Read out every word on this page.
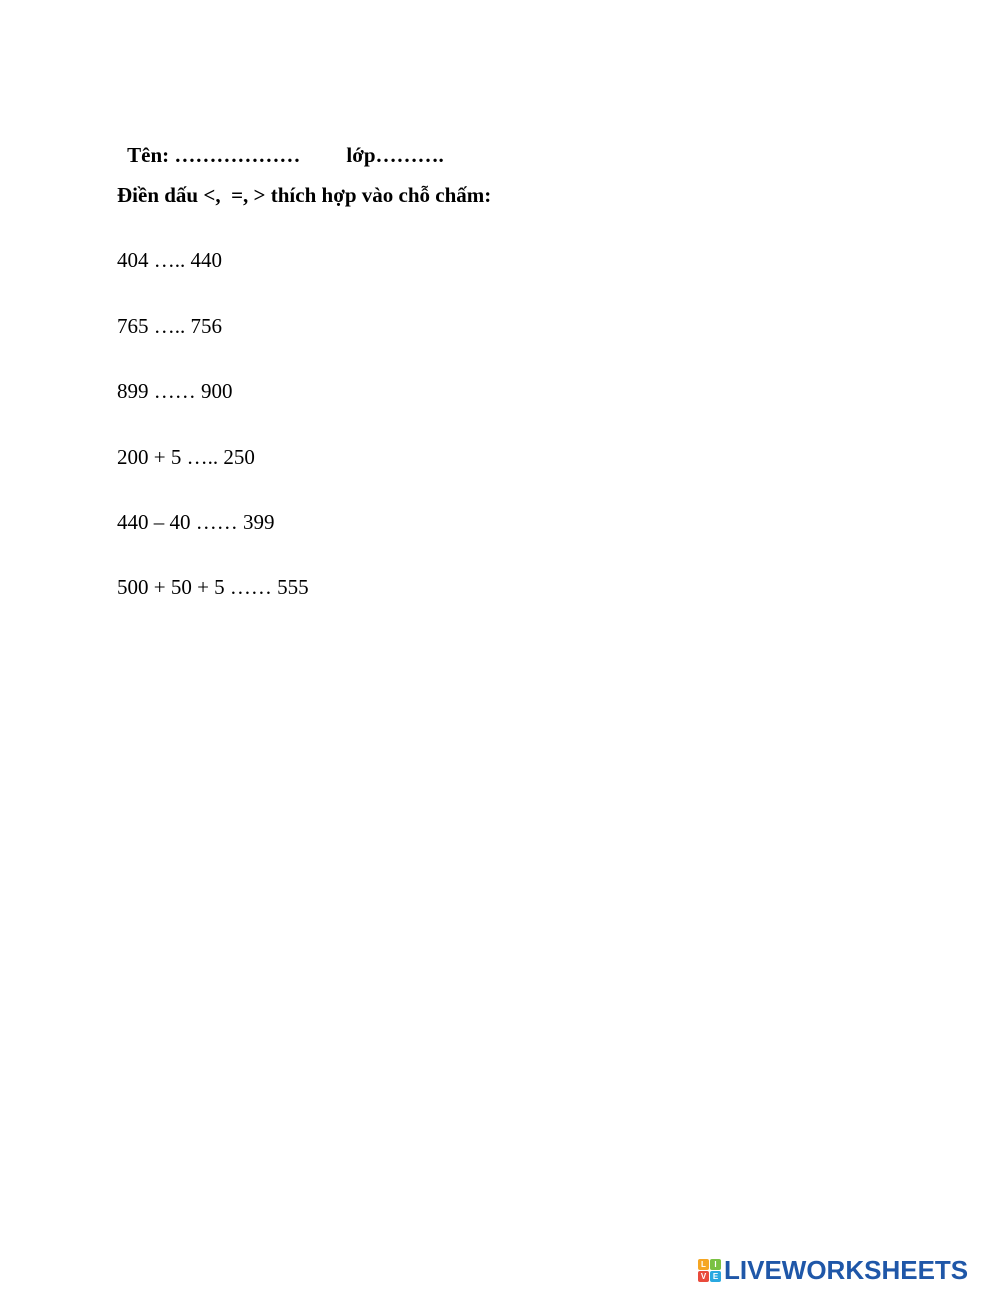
Tên: ……………… lớp……….

Điền dấu <,  =, > thích hợp vào chỗ chấm:
404 ….. 440
765 ….. 756
899 …… 900
200 + 5 ….. 250
440 – 40 …… 399
500 + 50 + 5 …… 555
L	I
V E LIVEWORKSHEETS
